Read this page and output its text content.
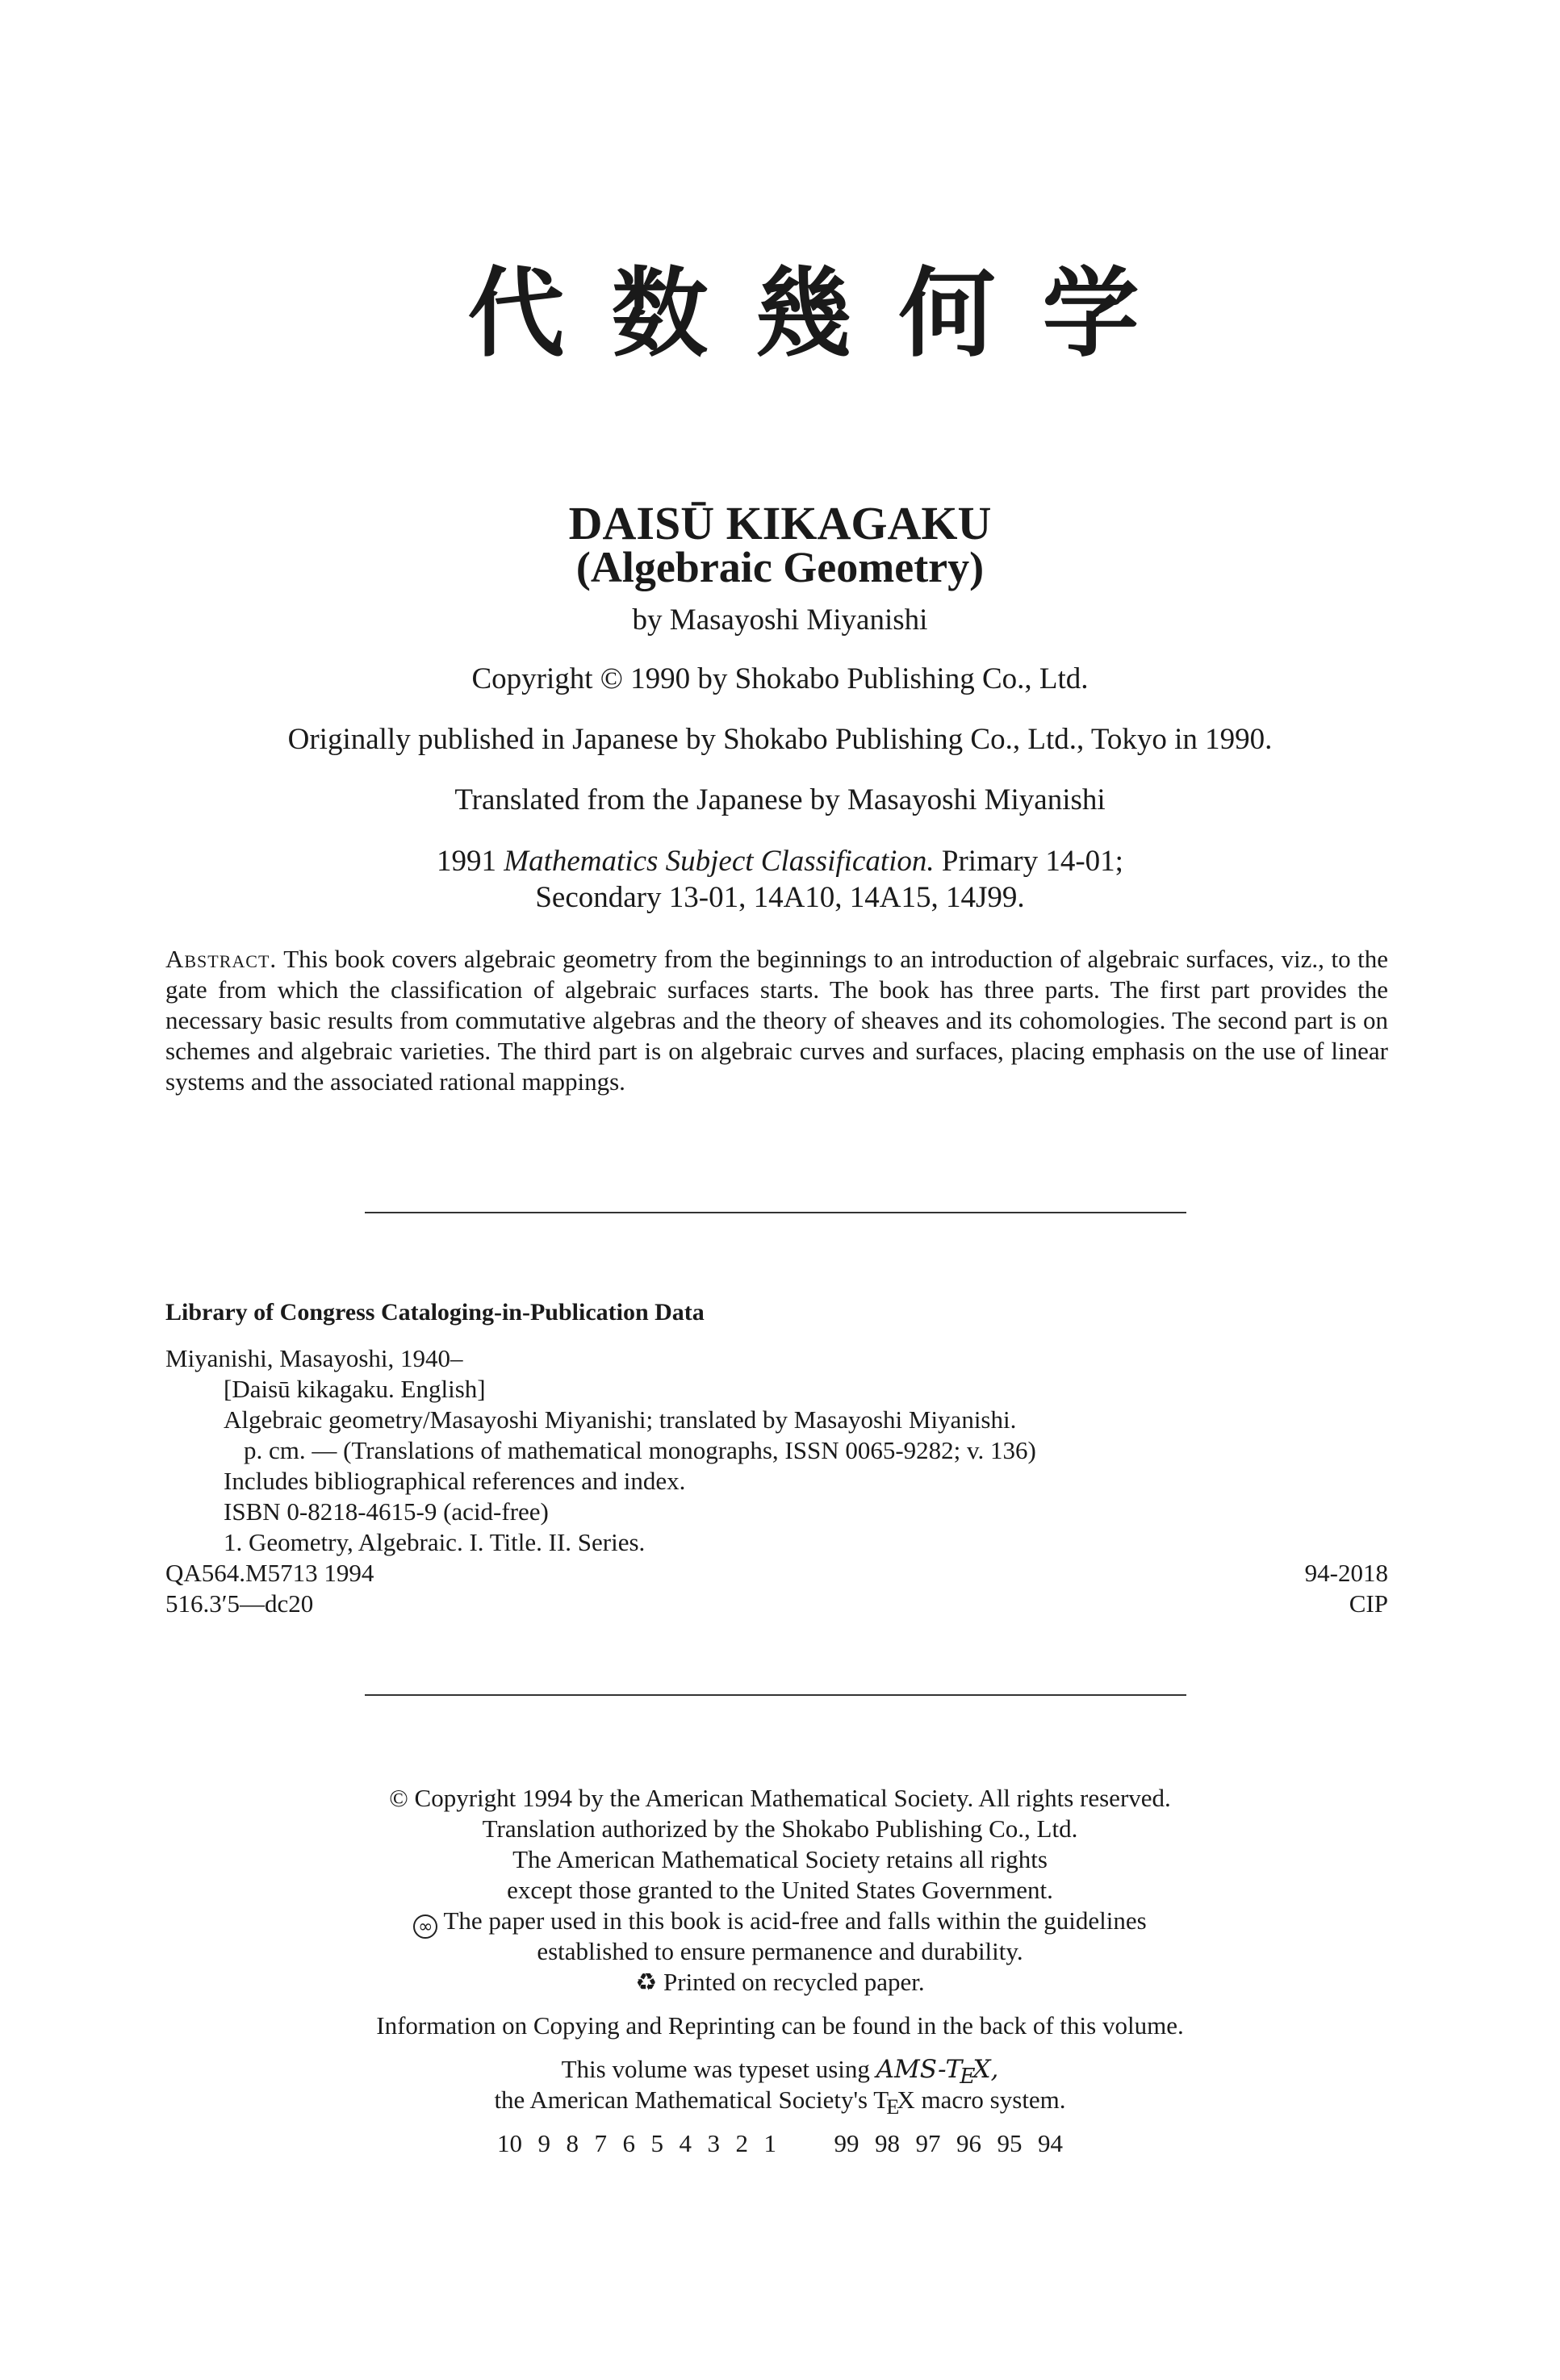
代数幾何学
DAISŪ KIKAGAKU
(Algebraic Geometry)
by Masayoshi Miyanishi
Copyright © 1990 by Shokabo Publishing Co., Ltd.
Originally published in Japanese by Shokabo Publishing Co., Ltd., Tokyo in 1990.
Translated from the Japanese by Masayoshi Miyanishi
1991 Mathematics Subject Classification. Primary 14-01;
Secondary 13-01, 14A10, 14A15, 14J99.
Abstract. This book covers algebraic geometry from the beginnings to an introduction of algebraic surfaces, viz., to the gate from which the classification of algebraic surfaces starts. The book has three parts. The first part provides the necessary basic results from commutative algebras and the theory of sheaves and its cohomologies. The second part is on schemes and algebraic varieties. The third part is on algebraic curves and surfaces, placing emphasis on the use of linear systems and the associated rational mappings.
Library of Congress Cataloging-in-Publication Data
Miyanishi, Masayoshi, 1940–
[Daisū kikagaku. English]
Algebraic geometry/Masayoshi Miyanishi; translated by Masayoshi Miyanishi.
p. cm. — (Translations of mathematical monographs, ISSN 0065-9282; v. 136)
Includes bibliographical references and index.
ISBN 0-8218-4615-9 (acid-free)
1. Geometry, Algebraic. I. Title. II. Series.
QA564.M5713 1994
516.3′5—dc20
94-2018
CIP
© Copyright 1994 by the American Mathematical Society. All rights reserved.
Translation authorized by the Shokabo Publishing Co., Ltd.
The American Mathematical Society retains all rights
except those granted to the United States Government.
∞ The paper used in this book is acid-free and falls within the guidelines
established to ensure permanence and durability.
♻ Printed on recycled paper.
Information on Copying and Reprinting can be found in the back of this volume.
This volume was typeset using AMS-TEX,
the American Mathematical Society's TEX macro system.
10  9  8  7  6  5  4  3  2  1 99  98  97  96  95  94
